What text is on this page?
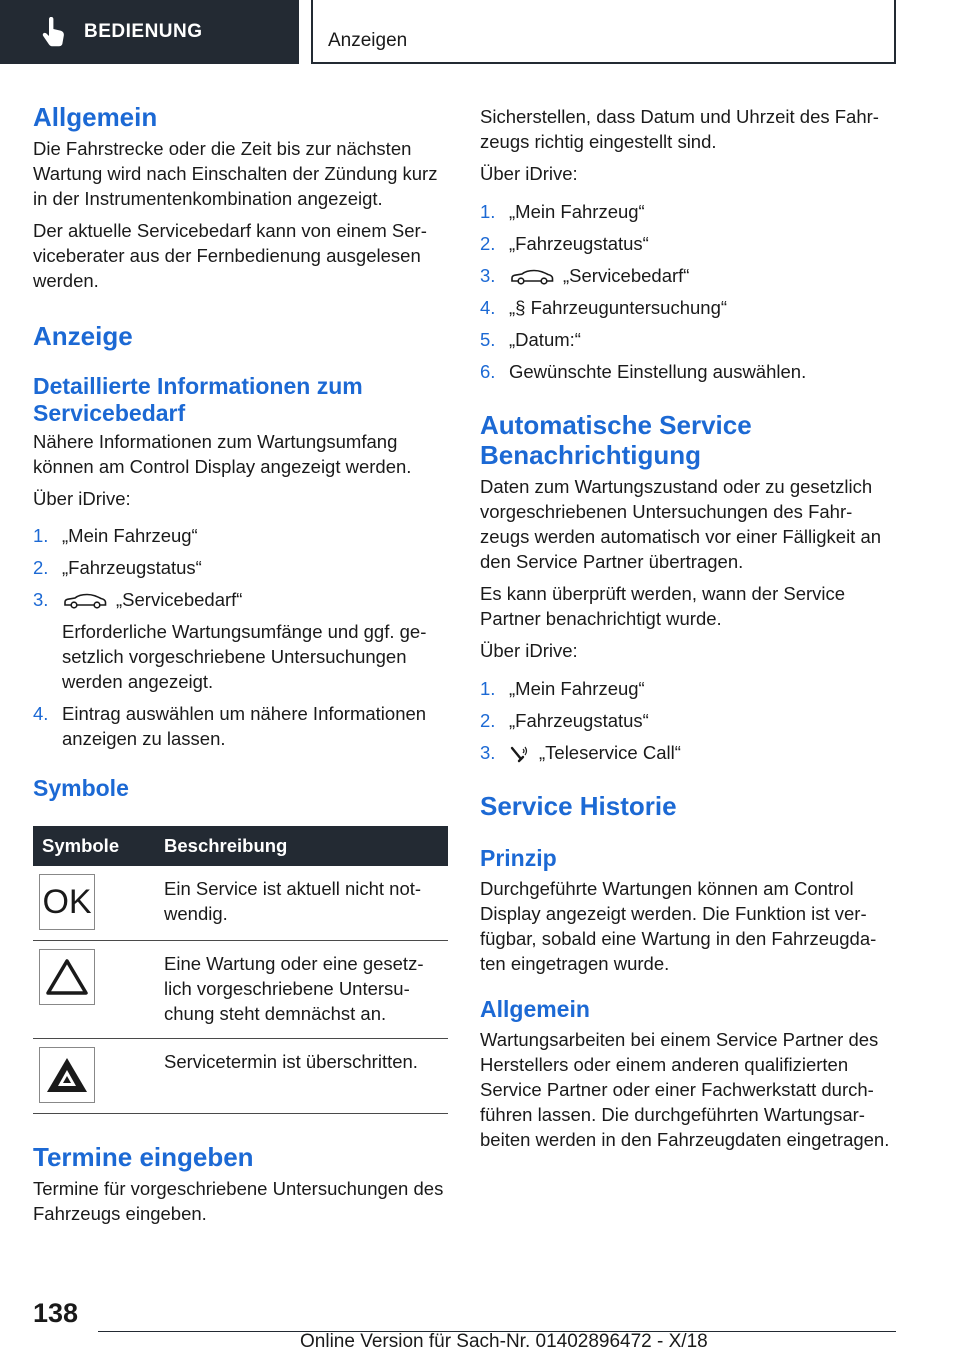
BEDIENUNG	Anzeigen
Allgemein

Die Fahrstrecke oder die Zeit bis zur nächsten Wartung wird nach Einschalten der Zündung kurz in der Instrumentenkombination angezeigt.

Der aktuelle Servicebedarf kann von einem Serviceberater aus der Fernbedienung ausgelesen werden.

Anzeige
Detaillierte Informationen zum Servicebedarf

Nähere Informationen zum Wartungsumfang können am Control Display angezeigt werden.

Über iDrive:

1. „Mein Fahrzeug“
2. „Fahrzeugstatus“
3.	„Servicebedarf“
Erforderliche Wartungsumfänge und ggf. gesetzlich vorgeschriebene Untersuchungen werden angezeigt.
4. Eintrag auswählen um nähere Informationen anzeigen zu lassen.
Symbole
Symbole	Beschreibung

OK	Ein Service ist aktuell nicht notwendig.

	Eine Wartung oder eine gesetzlich vorgeschriebene Untersuchung steht demnächst an.

	Servicetermin ist überschritten.
Termine eingeben

Termine für vorgeschriebene Untersuchungen des Fahrzeugs eingeben.

Sicherstellen, dass Datum und Uhrzeit des Fahrzeugs richtig eingestellt sind.

Über iDrive:

1. „Mein Fahrzeug“
2. „Fahrzeugstatus“
3.	„Servicebedarf“
4. „§ Fahrzeuguntersuchung“
5. „Datum:“
6. Gewünschte Einstellung auswählen.
Automatische Service Benachrichtigung

Daten zum Wartungszustand oder zu gesetzlich vorgeschriebenen Untersuchungen des Fahrzeugs werden automatisch vor einer Fälligkeit an den Service Partner übertragen.

Es kann überprüft werden, wann der Service Partner benachrichtigt wurde.

Über iDrive:

1. „Mein Fahrzeug“
2. „Fahrzeugstatus“
3. „Teleservice Call“
Service Historie
Prinzip

Durchgeführte Wartungen können am Control Display angezeigt werden. Die Funktion ist verfügbar, sobald eine Wartung in den Fahrzeugdaten eingetragen wurde.

Allgemein

Wartungsarbeiten bei einem Service Partner des Herstellers oder einem anderen qualifizierten Service Partner oder einer Fachwerkstatt durchführen lassen. Die durchgeführten Wartungsarbeiten werden in den Fahrzeugdaten eingetragen.

138
Online Version für Sach-Nr. 01402896472 - X/18
